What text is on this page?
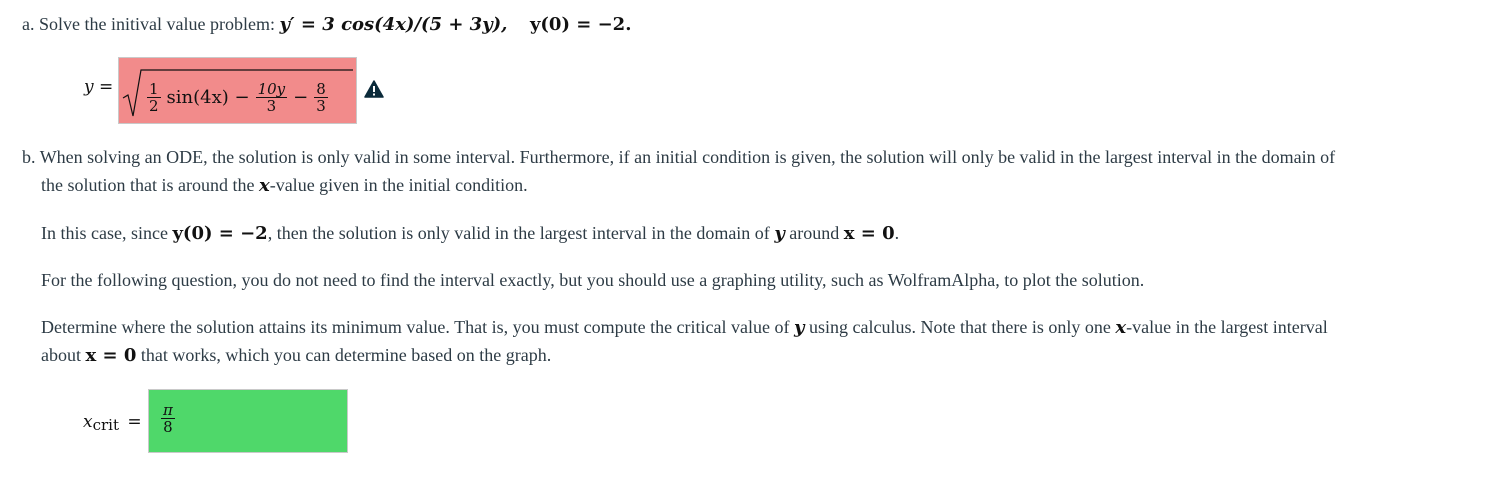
a. Solve the initival value problem: y′ = 3 cos(4x)/(5 + 3y), y(0) = −2.
$y = \frac{1}{2} \sin(4x) - \frac{10y}{3} - \frac{8}{3}$
b. When solving an ODE, the solution is only valid in some interval. Furthermore, if an initial condition is given, the solution will only be valid in the largest interval in the domain of
the solution that is around the x-value given in the initial condition.
In this case, since y(0) = −2, then the solution is only valid in the largest interval in the domain of y around x = 0.
For the following question, you do not need to find the interval exactly, but you should use a graphing utility, such as WolframAlpha, to plot the solution.
Determine where the solution attains its minimum value. That is, you must compute the critical value of y using calculus. Note that there is only one x-value in the largest interval
about x = 0 that works, which you can determine based on the graph.
xcrit = $\frac{\pi}{8}$
